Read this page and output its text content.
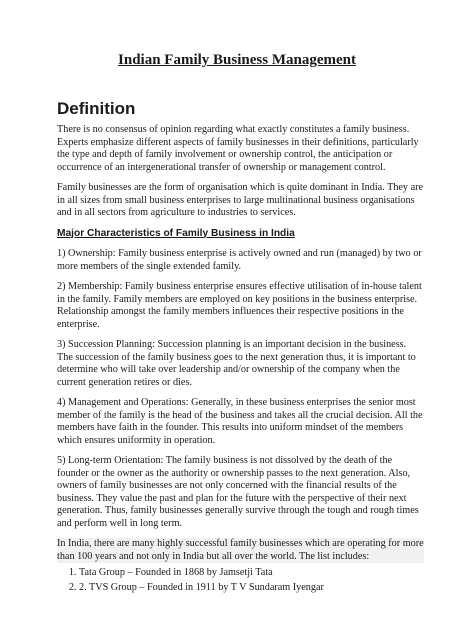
Indian Family Business Management
Definition

There is no consensus of opinion regarding what exactly constitutes a family business. Experts emphasize different aspects of family businesses in their definitions, particularly the type and depth of family involvement or ownership control, the anticipation or occurrence of an intergenerational transfer of ownership or management control.

Family businesses are the form of organisation which is quite dominant in India. They are in all sizes from small business enterprises to large multinational business organisations and in all sectors from agriculture to industries to services.

Major Characteristics of Family Business in India

1) Ownership: Family business enterprise is actively owned and run (managed) by two or more members of the single extended family.

2) Membership: Family business enterprise ensures effective utilisation of in-house talent in the family. Family members are employed on key positions in the business enterprise. Relationship amongst the family members influences their respective positions in the enterprise.

3) Succession Planning: Succession planning is an important decision in the business. The succession of the family business goes to the next generation thus, it is important to determine who will take over leadership and/or ownership of the company when the current generation retires or dies.

4) Management and Operations: Generally, in these business enterprises the senior most member of the family is the head of the business and takes all the crucial decision. All the members have faith in the founder. This results into uniform mindset of the members which ensures uniformity in operation.

5) Long-term Orientation: The family business is not dissolved by the death of the founder or the owner as the authority or ownership passes to the next generation. Also, owners of family businesses are not only concerned with the financial results of the business. They value the past and plan for the future with the perspective of their next generation. Thus, family businesses generally survive through the tough and rough times and perform well in long term.

In India, there are many highly successful family businesses which are operating for more than 100 years and not only in India but all over the world. The list includes:

1. Tata Group – Founded in 1868 by Jamsetji Tata
2. 2. TVS Group – Founded in 1911 by T V Sundaram Iyengar
